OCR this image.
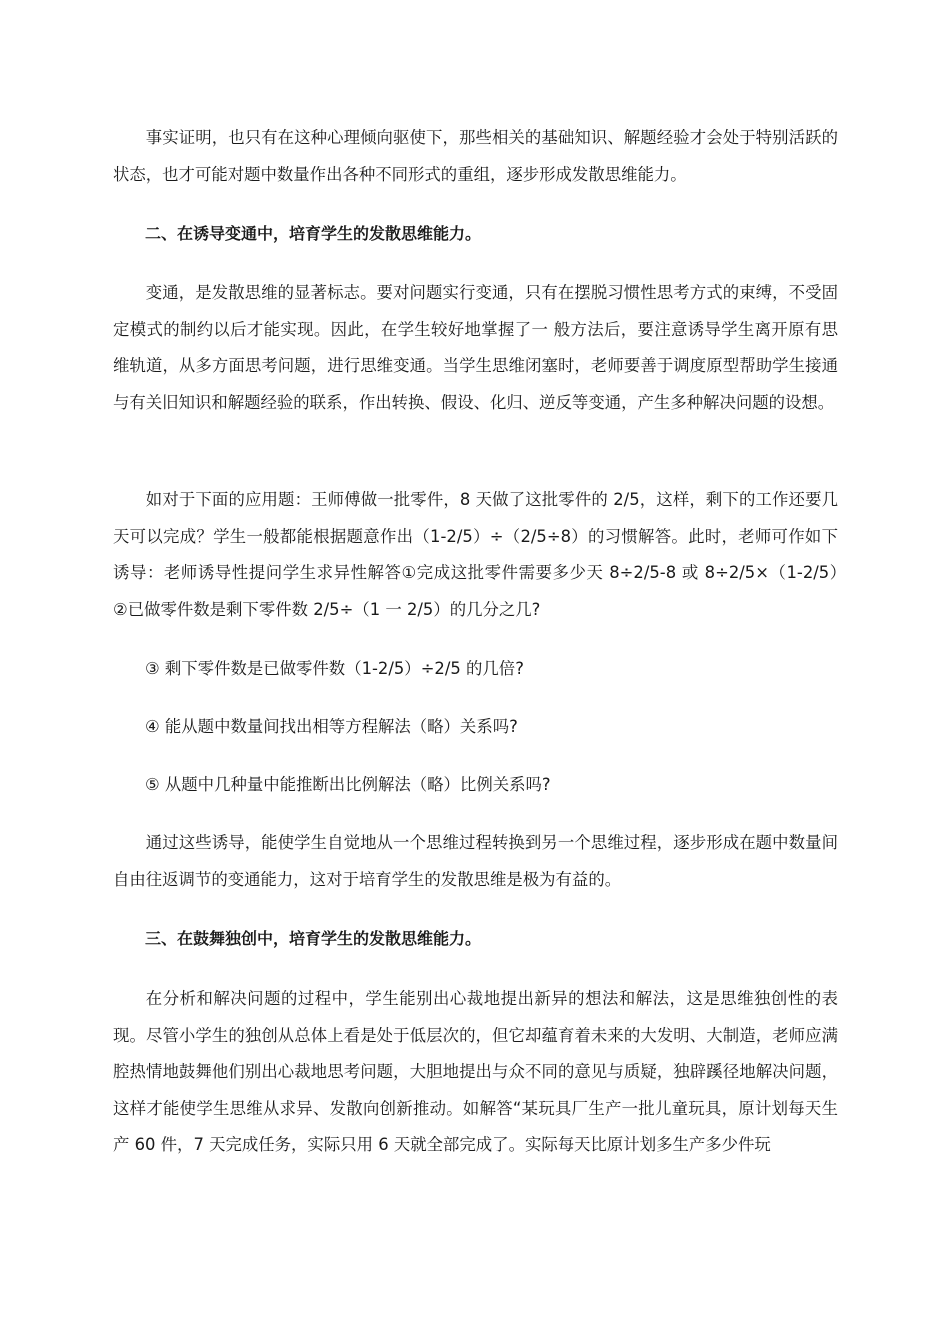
事实证明，也只有在这种心理倾向驱使下，那些相关的基础知识、解题经验才会处于特别活跃的状态，也才可能对题中数量作出各种不同形式的重组，逐步形成发散思维能力。

二、在诱导变通中，培育学生的发散思维能力。

变通，是发散思维的显著标志。要对问题实行变通，只有在摆脱习惯性思考方式的束缚，不受固定模式的制约以后才能实现。因此，在学生较好地掌握了一 般方法后，要注意诱导学生离开原有思维轨道，从多方面思考问题，进行思维变通。当学生思维闭塞时，老师要善于调度原型帮助学生接通与有关旧知识和解题经验的联系，作出转换、假设、化归、逆反等变通，产生多种解决问题的设想。

如对于下面的应用题：王师傅做一批零件，8 天做了这批零件的 2/5，这样，剩下的工作还要几天可以完成？学生一般都能根据题意作出（1-2/5）÷（2/5÷8）的习惯解答。此时，老师可作如下诱导：老师诱导性提问学生求异性解答①完成这批零件需要多少天 8÷2/5-8 或 8÷2/5×（1-2/5）　②已做零件数是剩下零件数 2/5÷（1 一 2/5）的几分之几?

③ 剩下零件数是已做零件数（1-2/5）÷2/5 的几倍?

④ 能从题中数量间找出相等方程解法（略）关系吗?

⑤ 从题中几种量中能推断出比例解法（略）比例关系吗?

通过这些诱导，能使学生自觉地从一个思维过程转换到另一个思维过程，逐步形成在题中数量间自由往返调节的变通能力，这对于培育学生的发散思维是极为有益的。

三、在鼓舞独创中，培育学生的发散思维能力。

在分析和解决问题的过程中，学生能别出心裁地提出新异的想法和解法，这是思维独创性的表现。尽管小学生的独创从总体上看是处于低层次的，但它却蕴育着未来的大发明、大制造，老师应满腔热情地鼓舞他们别出心裁地思考问题，大胆地提出与众不同的意见与质疑，独辟蹊径地解决问题，这样才能使学生思维从求异、发散向创新推动。如解答“某玩具厂生产一批儿童玩具，原计划每天生产 60 件，7 天完成任务，实际只用 6 天就全部完成了。实际每天比原计划多生产多少件玩
